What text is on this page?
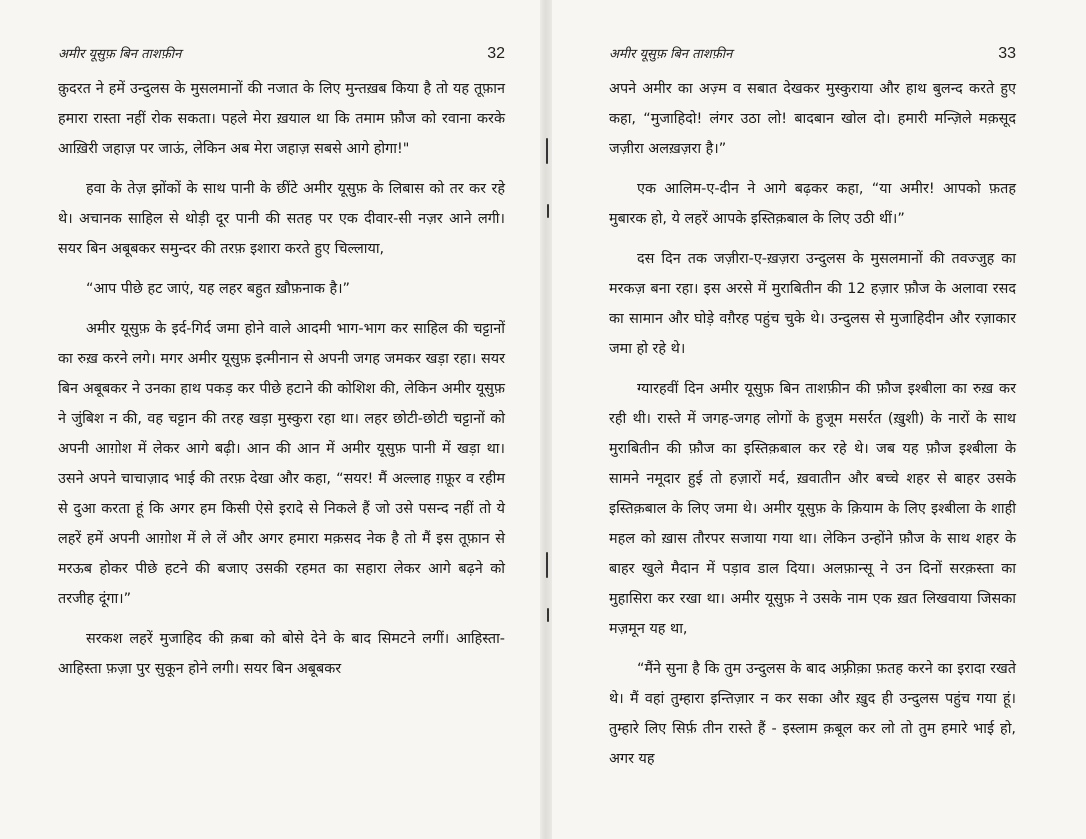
अमीर यूसुफ़ बिन ताशफ़ीन	32

क़ुदरत ने हमें उन्दुलस के मुसलमानों की नजात के लिए मुन्तख़ब किया है तो यह तूफ़ान हमारा रास्ता नहीं रोक सकता। पहले मेरा ख़याल था कि तमाम फ़ौज को रवाना करके आख़िरी जहाज़ पर जाऊं, लेकिन अब मेरा जहाज़ सबसे आगे होगा!"

हवा के तेज़ झोंकों के साथ पानी के छींटे अमीर यूसुफ़ के लिबास को तर कर रहे थे। अचानक साहिल से थोड़ी दूर पानी की सतह पर एक दीवार-सी नज़र आने लगी। सयर बिन अबूबकर समुन्दर की तरफ़ इशारा करते हुए चिल्लाया,

“आप पीछे हट जाएं, यह लहर बहुत ख़ौफ़नाक है।”

अमीर यूसुफ़ के इर्द-गिर्द जमा होने वाले आदमी भाग-भाग कर साहिल की चट्टानों का रुख़ करने लगे। मगर अमीर यूसुफ़ इत्मीनान से अपनी जगह जमकर खड़ा रहा। सयर बिन अबूबकर ने उनका हाथ पकड़ कर पीछे हटाने की कोशिश की, लेकिन अमीर यूसुफ़ ने जुंबिश न की, वह चट्टान की तरह खड़ा मुस्कुरा रहा था। लहर छोटी-छोटी चट्टानों को अपनी आग़ोश में लेकर आगे बढ़ी। आन की आन में अमीर यूसुफ़ पानी में खड़ा था। उसने अपने चाचाज़ाद भाई की तरफ़ देखा और कहा, “सयर! मैं अल्लाह ग़फ़ूर व रहीम से दुआ करता हूं कि अगर हम किसी ऐसे इरादे से निकले हैं जो उसे पसन्द नहीं तो ये लहरें हमें अपनी आग़ोश में ले लें और अगर हमारा मक़सद नेक है तो मैं इस तूफ़ान से मरऊब होकर पीछे हटने की बजाए उसकी रहमत का सहारा लेकर आगे बढ़ने को तरजीह दूंगा।”

सरकश लहरें मुजाहिद की क़बा को बोसे देने के बाद सिमटने लगीं। आहिस्ता-आहिस्ता फ़ज़ा पुर सुकून होने लगी। सयर बिन अबूबकर

अमीर यूसुफ़ बिन ताशफ़ीन	33

अपने अमीर का अज़्म व सबात देखकर मुस्कुराया और हाथ बुलन्द करते हुए कहा, “मुजाहिदो! लंगर उठा लो! बादबान खोल दो। हमारी मन्ज़िले मक़सूद जज़ीरा अलख़ज़रा है।”

एक आलिम-ए-दीन ने आगे बढ़कर कहा, “या अमीर! आपको फ़तह मुबारक हो, ये लहरें आपके इस्तिक़बाल के लिए उठी थीं।”

दस दिन तक जज़ीरा-ए-ख़ज़रा उन्दुलस के मुसलमानों की तवज्जुह का मरकज़ बना रहा। इस अरसे में मुराबितीन की 12 हज़ार फ़ौज के अलावा रसद का सामान और घोड़े वग़ैरह पहुंच चुके थे। उन्दुलस से मुजाहिदीन और रज़ाकार जमा हो रहे थे।

ग्यारहवीं दिन अमीर यूसुफ़ बिन ताशफ़ीन की फ़ौज इश्बीला का रुख़ कर रही थी। रास्ते में जगह-जगह लोगों के हुजूम मसर्रत (ख़ुशी) के नारों के साथ मुराबितीन की फ़ौज का इस्तिक़बाल कर रहे थे। जब यह फ़ौज इश्बीला के सामने नमूदार हुई तो हज़ारों मर्द, ख़वातीन और बच्चे शहर से बाहर उसके इस्तिक़बाल के लिए जमा थे। अमीर यूसुफ़ के क़ियाम के लिए इश्बीला के शाही महल को ख़ास तौरपर सजाया गया था। लेकिन उन्होंने फ़ौज के साथ शहर के बाहर खुले मैदान में पड़ाव डाल दिया। अलफ़ान्सू ने उन दिनों सरक़स्ता का मुहासिरा कर रखा था। अमीर यूसुफ़ ने उसके नाम एक ख़त लिखवाया जिसका मज़मून यह था,

“मैंने सुना है कि तुम उन्दुलस के बाद अफ़्रीक़ा फ़तह करने का इरादा रखते थे। मैं वहां तुम्हारा इन्तिज़ार न कर सका और ख़ुद ही उन्दुलस पहुंच गया हूं। तुम्हारे लिए सिर्फ़ तीन रास्ते हैं - इस्लाम क़बूल कर लो तो तुम हमारे भाई हो, अगर यह
